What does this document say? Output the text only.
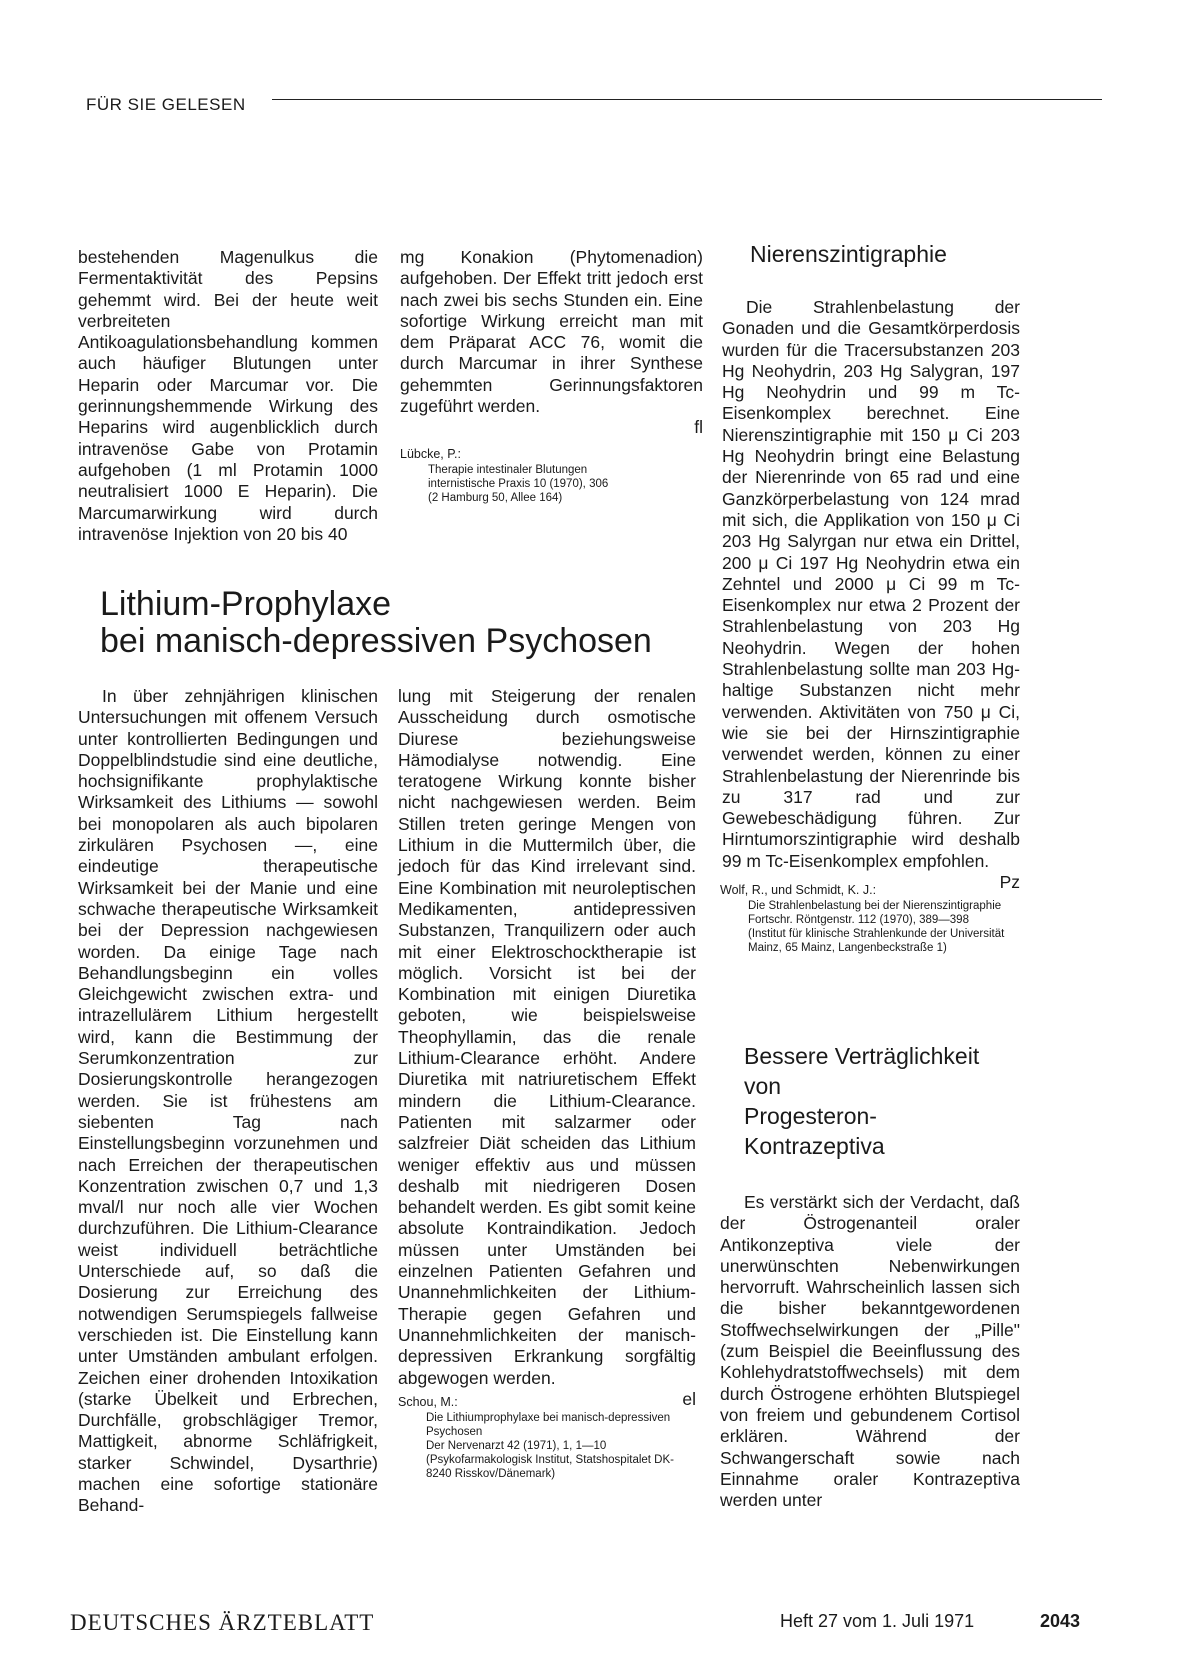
FÜR SIE GELESEN

bestehenden Magenulkus die Fermentaktivität des Pepsins gehemmt wird. Bei der heute weit verbreiteten Antikoagulationsbehandlung kommen auch häufiger Blutungen unter Heparin oder Marcumar vor. Die gerinnungshemmende Wirkung des Heparins wird augenblicklich durch intravenöse Gabe von Protamin aufgehoben (1 ml Protamin 1000 neutralisiert 1000 E Heparin). Die Marcumarwirkung wird durch intravenöse Injektion von 20 bis 40

mg Konakion (Phytomenadion) aufgehoben. Der Effekt tritt jedoch erst nach zwei bis sechs Stunden ein. Eine sofortige Wirkung erreicht man mit dem Präparat ACC 76, womit die durch Marcumar in ihrer Synthese gehemmten Gerinnungsfaktoren zugeführt werden.

fl
Lübcke, P.:
Therapie intestinaler Blutungen
internistische Praxis 10 (1970), 306
(2 Hamburg 50, Allee 164)
Lithium-Prophylaxe
bei manisch-depressiven Psychosen

In über zehnjährigen klinischen Untersuchungen mit offenem Versuch unter kontrollierten Bedingungen und Doppelblindstudie sind eine deutliche, hochsignifikante prophylaktische Wirksamkeit des Lithiums — sowohl bei monopolaren als auch bipolaren zirkulären Psychosen —, eine eindeutige therapeutische Wirksamkeit bei der Manie und eine schwache therapeutische Wirksamkeit bei der Depression nachgewiesen worden. Da einige Tage nach Behandlungsbeginn ein volles Gleichgewicht zwischen extra- und intrazellulärem Lithium hergestellt wird, kann die Bestimmung der Serumkonzentration zur Dosierungskontrolle herangezogen werden. Sie ist frühestens am siebenten Tag nach Einstellungsbeginn vorzunehmen und nach Erreichen der therapeutischen Konzentration zwischen 0,7 und 1,3 mval/l nur noch alle vier Wochen durchzuführen. Die Lithium-Clearance weist individuell beträchtliche Unterschiede auf, so daß die Dosierung zur Erreichung des notwendigen Serumspiegels fallweise verschieden ist. Die Einstellung kann unter Umständen ambulant erfolgen. Zeichen einer drohenden Intoxikation (starke Übelkeit und Erbrechen, Durchfälle, grobschlägiger Tremor, Mattigkeit, abnorme Schläfrigkeit, starker Schwindel, Dysarthrie) machen eine sofortige stationäre Behand-

lung mit Steigerung der renalen Ausscheidung durch osmotische Diurese beziehungsweise Hämodialyse notwendig. Eine teratogene Wirkung konnte bisher nicht nachgewiesen werden. Beim Stillen treten geringe Mengen von Lithium in die Muttermilch über, die jedoch für das Kind irrelevant sind. Eine Kombination mit neuroleptischen Medikamenten, antidepressiven Substanzen, Tranquilizern oder auch mit einer Elektroschocktherapie ist möglich. Vorsicht ist bei der Kombination mit einigen Diuretika geboten, wie beispielsweise Theophyllamin, das die renale Lithium-Clearance erhöht. Andere Diuretika mit natriuretischem Effekt mindern die Lithium-Clearance. Patienten mit salzarmer oder salzfreier Diät scheiden das Lithium weniger effektiv aus und müssen deshalb mit niedrigeren Dosen behandelt werden. Es gibt somit keine absolute Kontraindikation. Jedoch müssen unter Umständen bei einzelnen Patienten Gefahren und Unannehmlichkeiten der Lithium-Therapie gegen Gefahren und Unannehmlichkeiten der manisch-depressiven Erkrankung sorgfältig abgewogen werden.

el
Schou, M.:
Die Lithiumprophylaxe bei manisch-depressiven Psychosen
Der Nervenarzt 42 (1971), 1, 1—10
(Psykofarmakologisk Institut, Statshospitalet DK-8240 Risskov/Dänemark)
Nierenszintigraphie

Die Strahlenbelastung der Gonaden und die Gesamtkörperdosis wurden für die Tracersubstanzen 203 Hg Neohydrin, 203 Hg Salygran, 197 Hg Neohydrin und 99 m Tc-Eisenkomplex berechnet. Eine Nierenszintigraphie mit 150 μ Ci 203 Hg Neohydrin bringt eine Belastung der Nierenrinde von 65 rad und eine Ganzkörperbelastung von 124 mrad mit sich, die Applikation von 150 μ Ci 203 Hg Salyrgan nur etwa ein Drittel, 200 μ Ci 197 Hg Neohydrin etwa ein Zehntel und 2000 μ Ci 99 m Tc-Eisenkomplex nur etwa 2 Prozent der Strahlenbelastung von 203 Hg Neohydrin. Wegen der hohen Strahlenbelastung sollte man 203 Hg-haltige Substanzen nicht mehr verwenden. Aktivitäten von 750 μ Ci, wie sie bei der Hirnszintigraphie verwendet werden, können zu einer Strahlenbelastung der Nierenrinde bis zu 317 rad und zur Gewebeschädigung führen. Zur Hirntumorszintigraphie wird deshalb 99 m Tc-Eisenkomplex empfohlen.

Pz
Wolf, R., und Schmidt, K. J.:
Die Strahlenbelastung bei der Nierenszintigraphie
Fortschr. Röntgenstr. 112 (1970), 389—398
(Institut für klinische Strahlenkunde der Universität Mainz, 65 Mainz, Langenbeckstraße 1)
Bessere Verträglichkeit
von
Progesteron-
Kontrazeptiva

Es verstärkt sich der Verdacht, daß der Östrogenanteil oraler Antikonzeptiva viele der unerwünschten Nebenwirkungen hervorruft. Wahrscheinlich lassen sich die bisher bekanntgewordenen Stoffwechselwirkungen der „Pille" (zum Beispiel die Beeinflussung des Kohlehydratstoffwechsels) mit dem durch Östrogene erhöhten Blutspiegel von freiem und gebundenem Cortisol erklären. Während der Schwangerschaft sowie nach Einnahme oraler Kontrazeptiva werden unter

DEUTSCHES ÄRZTEBLATT	Heft 27 vom 1. Juli 1971	2043
